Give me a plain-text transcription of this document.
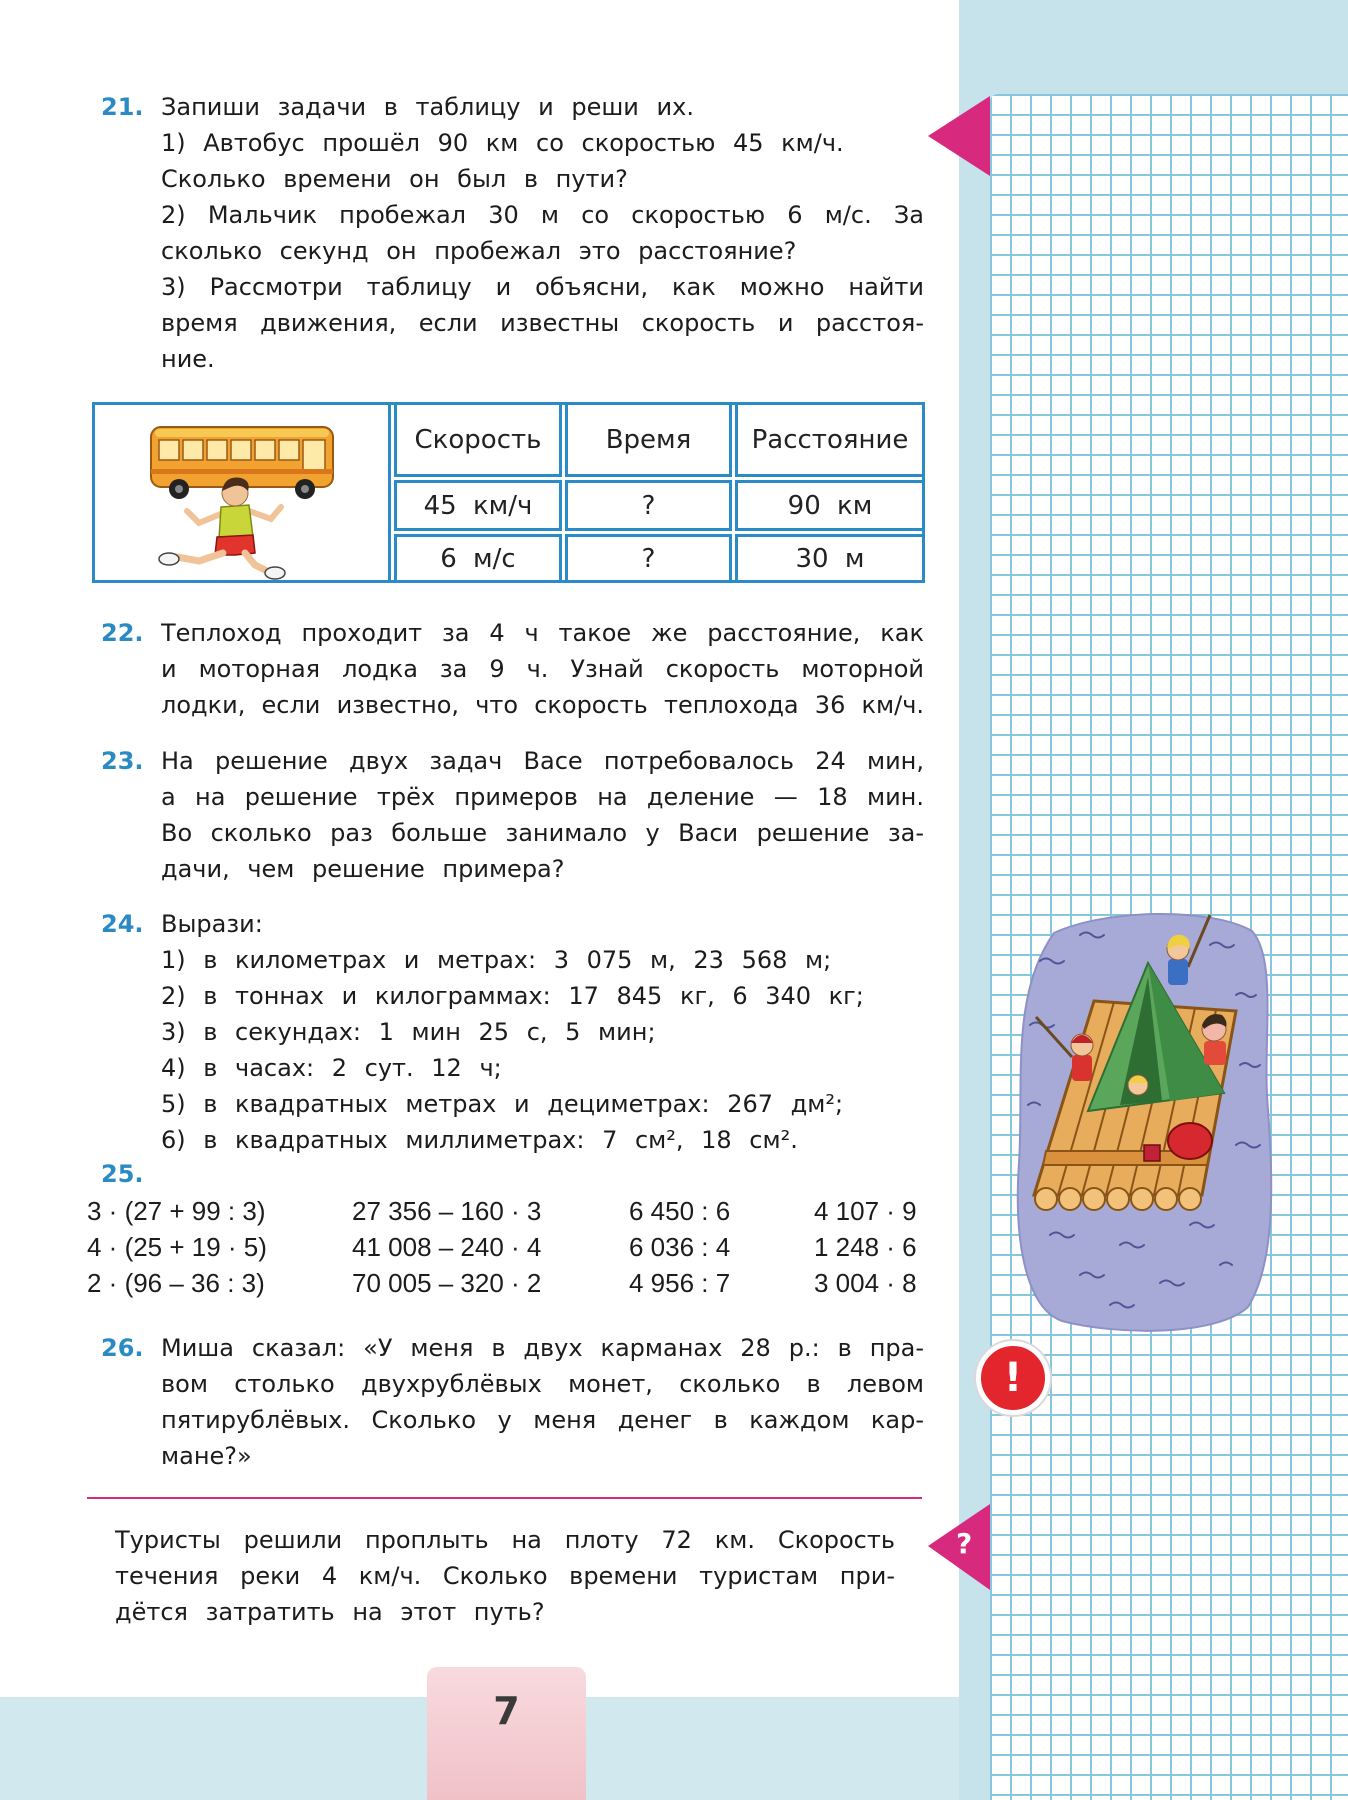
21. Запиши задачи в таблицу и реши их.
1) Автобус прошёл 90 км со скоростью 45 км/ч.
Сколько времени он был в пути?
2) Мальчик пробежал 30 м со скоростью 6 м/с. За
сколько секунд он пробежал это расстояние?
3) Рассмотри таблицу и объясни, как можно найти
время движения, если известны скорость и расстоя-
ние.
Скорость	Время	Расстояние
45 км/ч	?	90 км
6 м/с	?	30 м
22. Теплоход проходит за 4 ч такое же расстояние, как
и моторная лодка за 9 ч. Узнай скорость моторной
лодки, если известно, что скорость теплохода 36 км/ч.
23. На решение двух задач Васе потребовалось 24 мин,
а на решение трёх примеров на деление — 18 мин.
Во сколько раз больше занимало у Васи решение за-
дачи, чем решение примера?
24. Вырази:
1) в километрах и метрах: 3 075 м, 23 568 м;
2) в тоннах и килограммах: 17 845 кг, 6 340 кг;
3) в секундах: 1 мин 25 с, 5 мин;
4) в часах: 2 сут. 12 ч;
5) в квадратных метрах и дециметрах: 267 дм²;
6) в квадратных миллиметрах: 7 см², 18 см².
25.
3 · (27 + 99 : 3)	27 356 – 160 · 3	6 450 : 6	4 107 · 9
4 · (25 + 19 · 5)	41 008 – 240 · 4	6 036 : 4	1 248 · 6
2 · (96 – 36 : 3)	70 005 – 320 · 2	4 956 : 7	3 004 · 8
26. Миша сказал: «У меня в двух карманах 28 р.: в пра-
вом столько двухрублёвых монет, сколько в левом
пятирублёвых. Сколько у меня денег в каждом кар-
мане?»
Туристы решили проплыть на плоту 72 км. Скорость
течения реки 4 км/ч. Сколько времени туристам при-
дётся затратить на этот путь?
!
?
7
